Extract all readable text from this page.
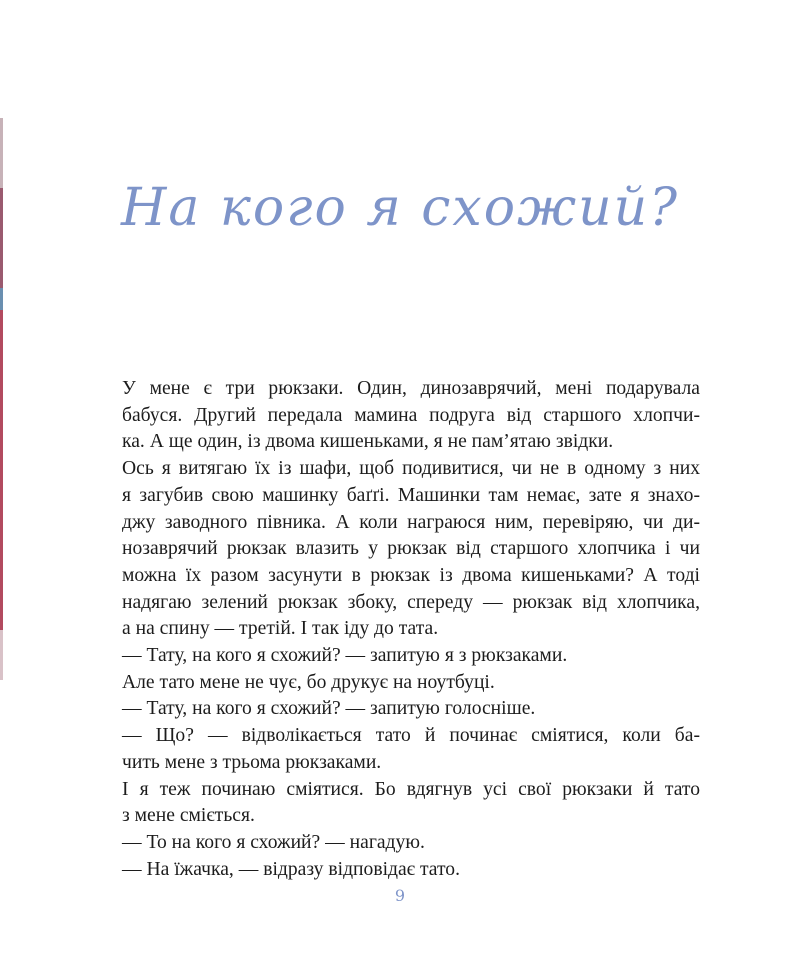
На кого я схожий?
У мене є три рюкзаки. Один, динозаврячий, мені подарувала
бабуся. Другий передала мамина подруга від старшого хлопчи-
ка. А ще один, із двома кишеньками, я не пам’ятаю звідки.
Ось я витягаю їх із шафи, щоб подивитися, чи не в одному з них
я загубив свою машинку баґґі. Машинки там немає, зате я знахо-
джу заводного півника. А коли награюся ним, перевіряю, чи ди-
нозаврячий рюкзак влазить у рюкзак від старшого хлопчика і чи
можна їх разом засунути в рюкзак із двома кишеньками? А тоді
надягаю зелений рюкзак збоку, спереду — рюкзак від хлопчика,
а на спину — третій. І так іду до тата.
— Тату, на кого я схожий? — запитую я з рюкзаками.
Але тато мене не чує, бо друкує на ноутбуці.
— Тату, на кого я схожий? — запитую голосніше.
— Що? — відволікається тато й починає сміятися, коли ба-
чить мене з трьома рюкзаками.
І я теж починаю сміятися. Бо вдягнув усі свої рюкзаки й тато
з мене сміється.
— То на кого я схожий? — нагадую.
— На їжачка, — відразу відповідає тато.
9
